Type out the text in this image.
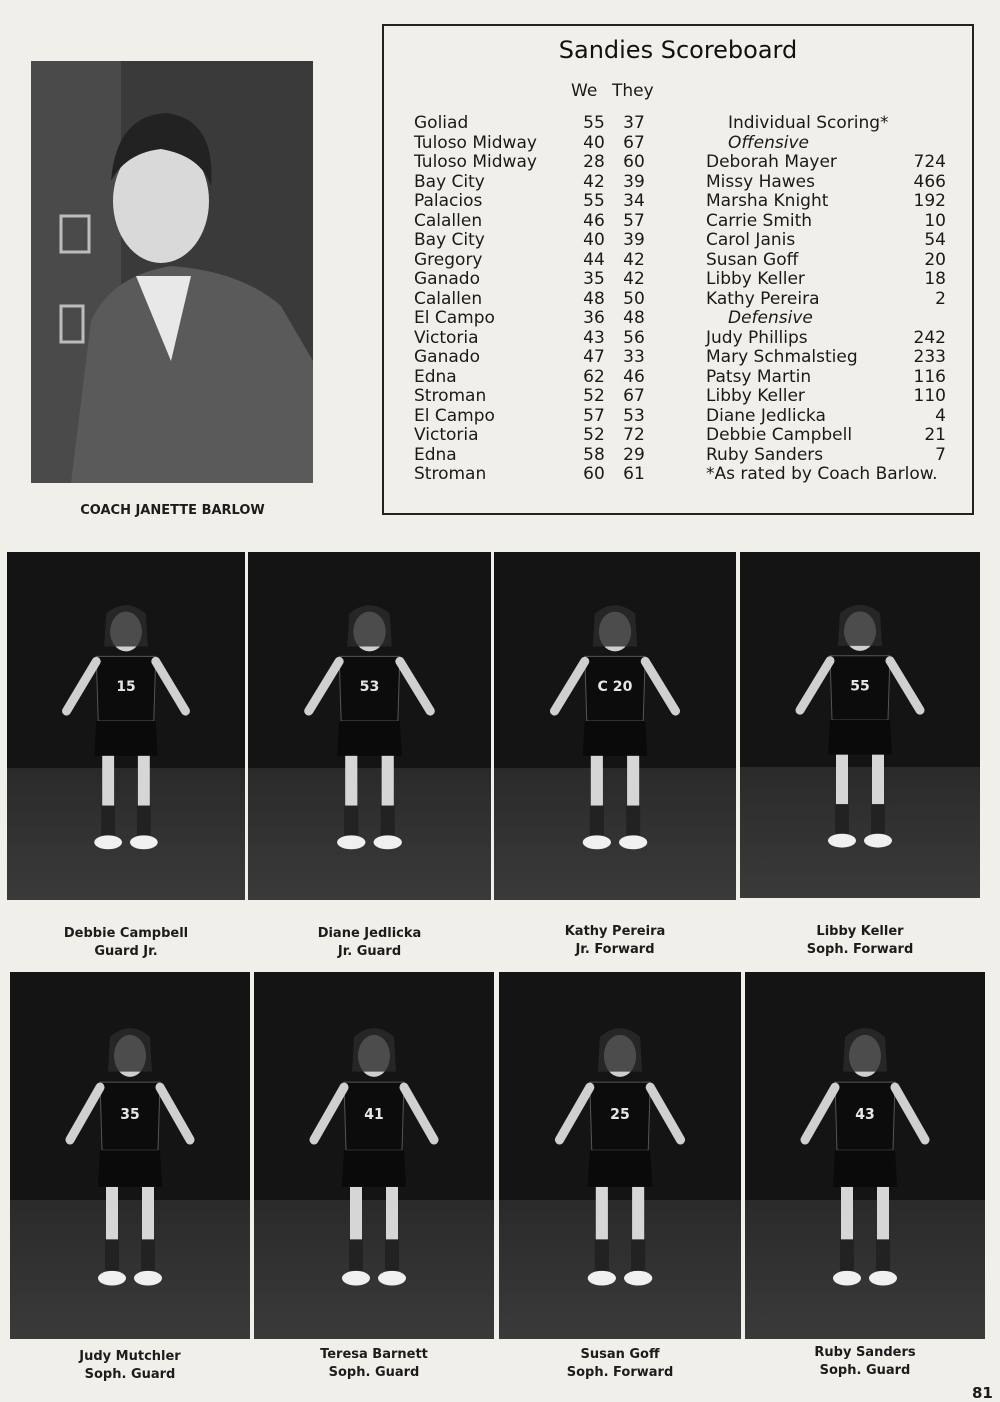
COACH JANETTE BARLOW
Sandies Scoreboard
We They
Goliad	55	37
Tuloso Midway	40	67
Tuloso Midway	28	60
Bay City	42	39
Palacios	55	34
Calallen	46	57
Bay City	40	39
Gregory	44	42
Ganado	35	42
Calallen	48	50
El Campo	36	48
Victoria	43	56
Ganado	47	33
Edna	62	46
Stroman	52	67
El Campo	57	53
Victoria	52	72
Edna	58	29
Stroman	60	61
Individual Scoring*
Offensive
Deborah Mayer	724
Missy Hawes	466
Marsha Knight	192
Carrie Smith	10
Carol Janis	54
Susan Goff	20
Libby Keller	18
Kathy Pereira	2
Defensive
Judy Phillips	242
Mary Schmalstieg	233
Patsy Martin	116
Libby Keller	110
Diane Jedlicka	4
Debbie Campbell	21
Ruby Sanders	7
*As rated by Coach Barlow.
15
Debbie Campbell
Guard Jr.
53
Diane Jedlicka
Jr. Guard
C 20
Kathy Pereira
Jr. Forward
55
Libby Keller
Soph. Forward
35
Judy Mutchler
Soph. Guard
41
Teresa Barnett
Soph. Guard
25
Susan Goff
Soph. Forward
43
Ruby Sanders
Soph. Guard
81
